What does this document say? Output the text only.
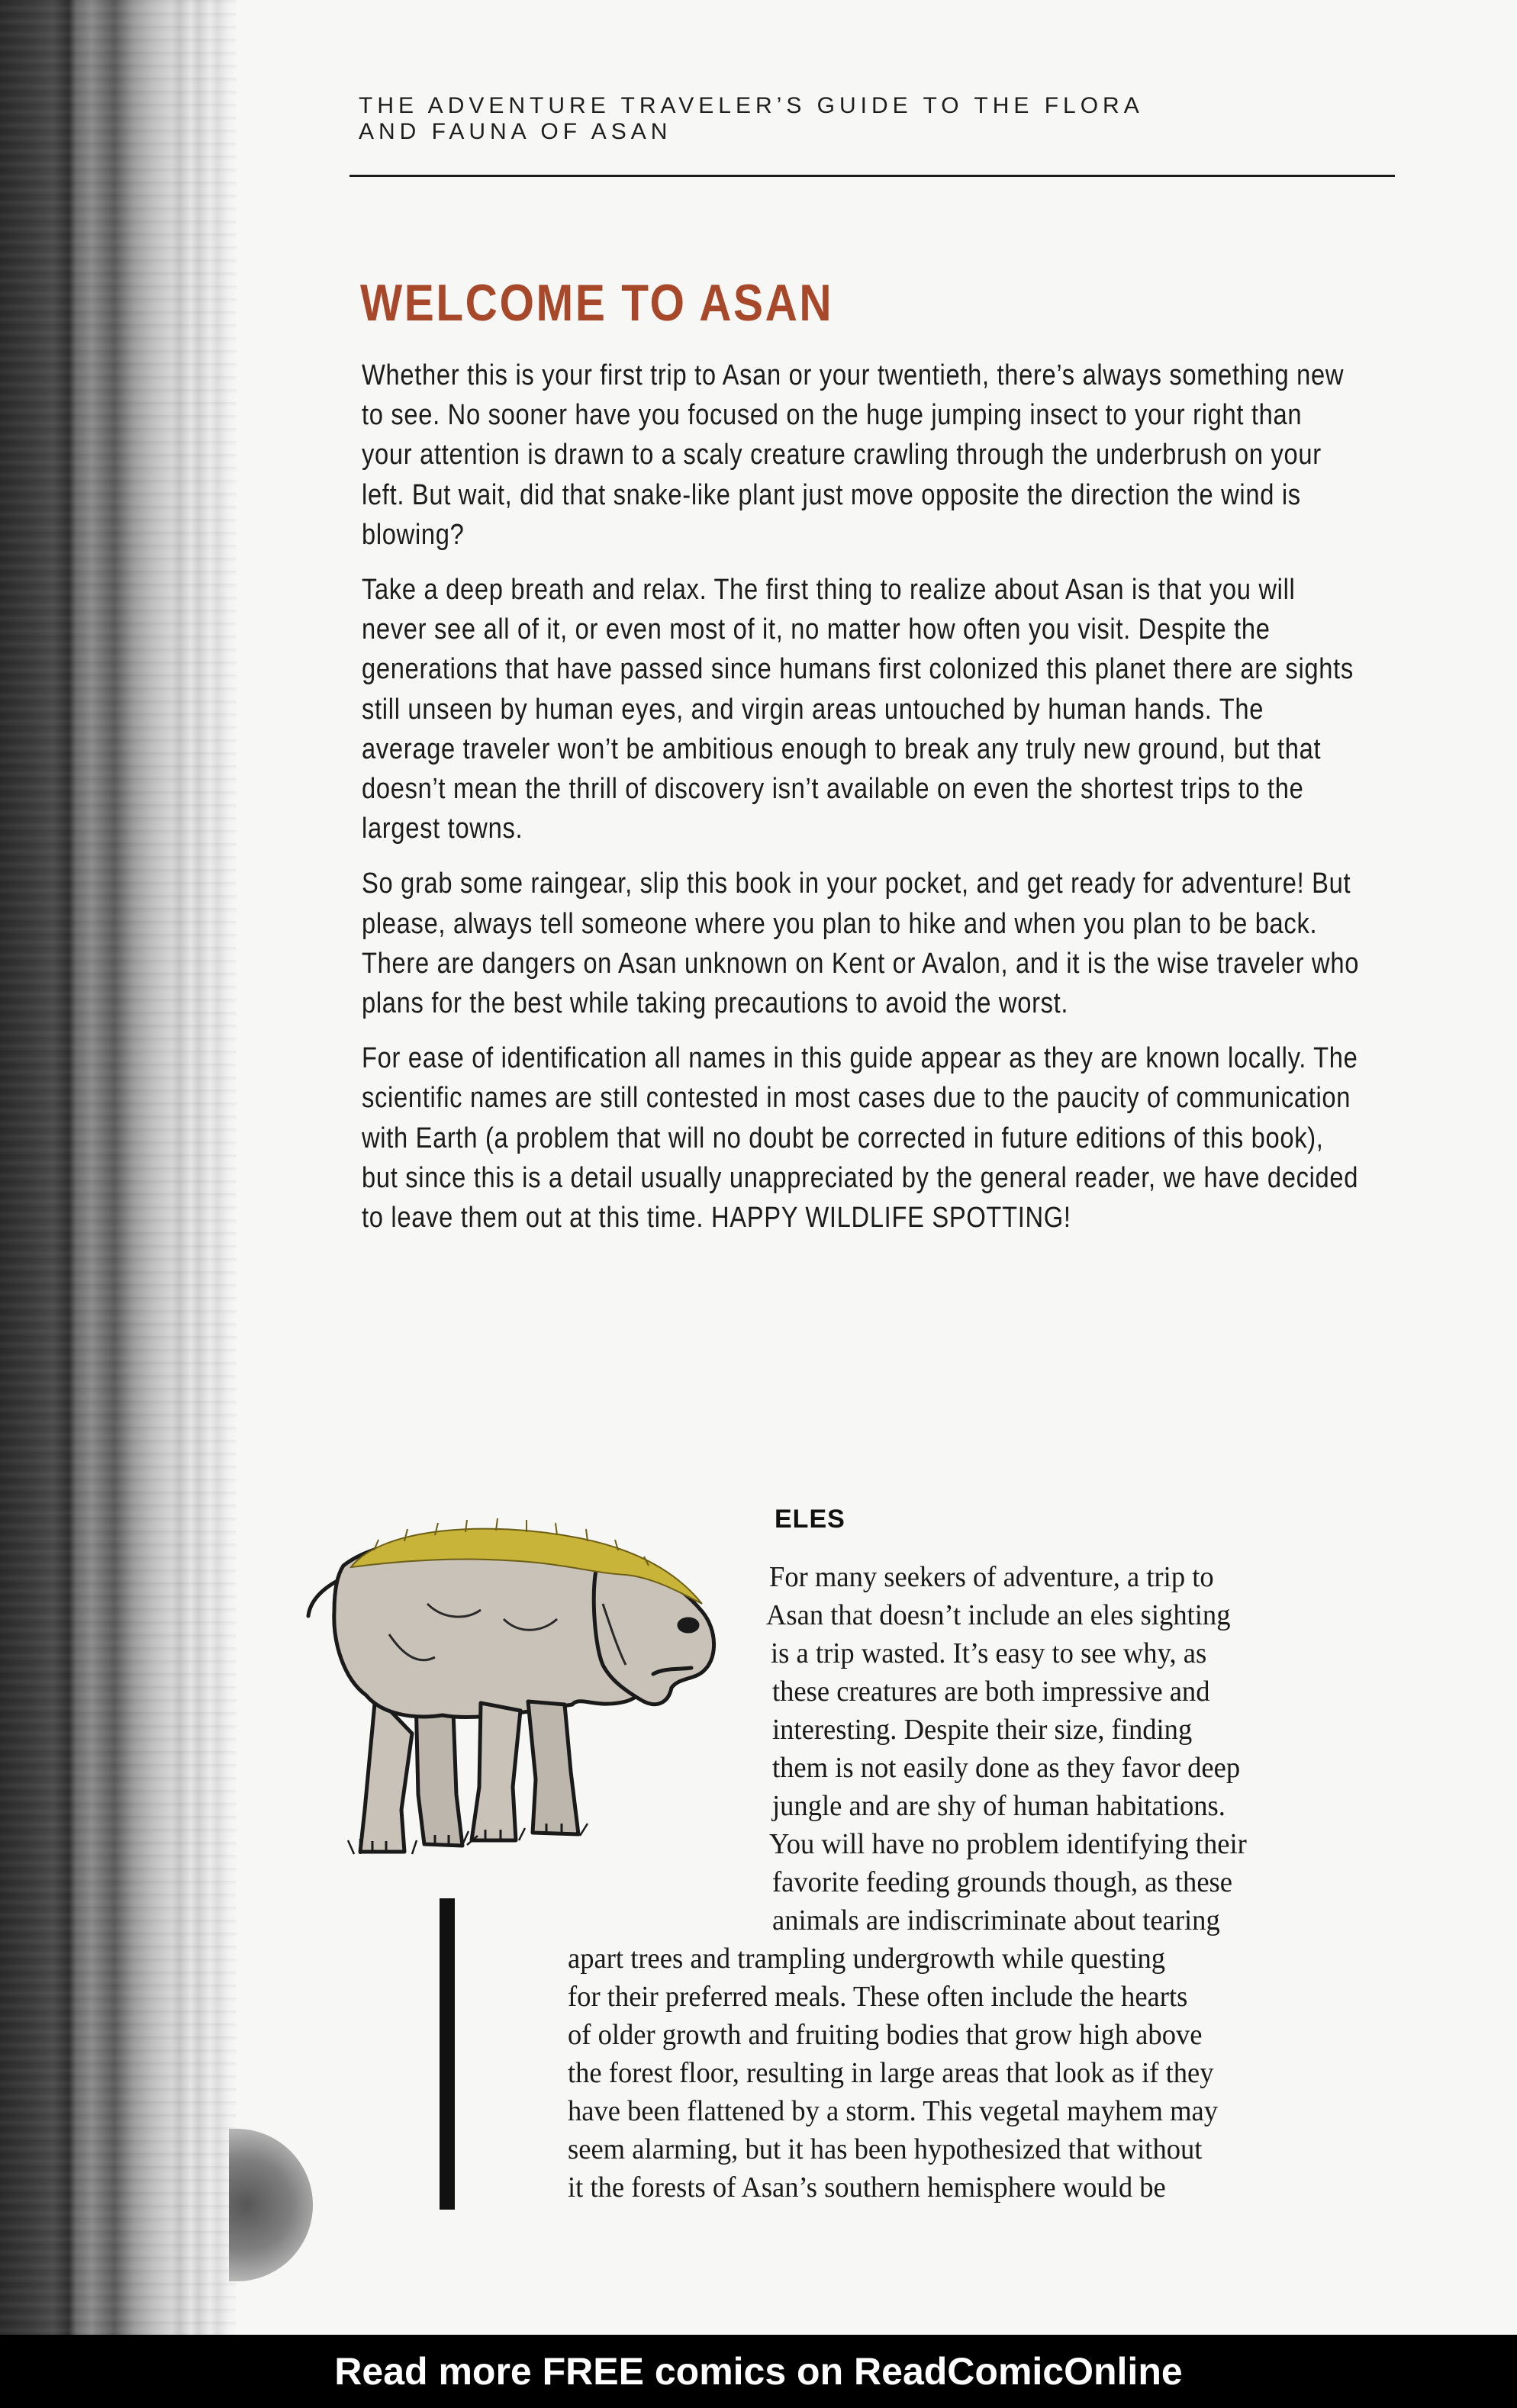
THE ADVENTURE TRAVELER’S GUIDE TO THE FLORA
AND FAUNA OF ASAN
WELCOME TO ASAN

Whether this is your first trip to Asan or your twentieth, there’s always something new to see. No sooner have you focused on the huge jumping insect to your right than your attention is drawn to a scaly creature crawling through the underbrush on your left. But wait, did that snake-like plant just move opposite the direction the wind is blowing?

Take a deep breath and relax. The first thing to realize about Asan is that you will never see all of it, or even most of it, no matter how often you visit. Despite the generations that have passed since humans first colonized this planet there are sights still unseen by human eyes, and virgin areas untouched by human hands. The average traveler won’t be ambitious enough to break any truly new ground, but that doesn’t mean the thrill of discovery isn’t available on even the shortest trips to the largest towns.

So grab some raingear, slip this book in your pocket, and get ready for adventure! But please, always tell someone where you plan to hike and when you plan to be back. There are dangers on Asan unknown on Kent or Avalon, and it is the wise traveler who plans for the best while taking precautions to avoid the worst.

For ease of identification all names in this guide appear as they are known locally. The scientific names are still contested in most cases due to the paucity of communication with Earth (a problem that will no doubt be corrected in future editions of this book), but since this is a detail usually unappreciated by the general reader, we have decided to leave them out at this time. HAPPY WILDLIFE SPOTTING!

ELES
For many seekers of adventure, a trip to
Asan that doesn’t include an eles sighting
is a trip wasted. It’s easy to see why, as
these creatures are both impressive and
interesting. Despite their size, finding
them is not easily done as they favor deep
jungle and are shy of human habitations.
You will have no problem identifying their
favorite feeding grounds though, as these
animals are indiscriminate about tearing
apart trees and trampling undergrowth while questing
for their preferred meals. These often include the hearts
of older growth and fruiting bodies that grow high above
the forest floor, resulting in large areas that look as if they
have been flattened by a storm. This vegetal mayhem may
seem alarming, but it has been hypothesized that without
it the forests of Asan’s southern hemisphere would be
Read more FREE comics on ReadComicOnline
